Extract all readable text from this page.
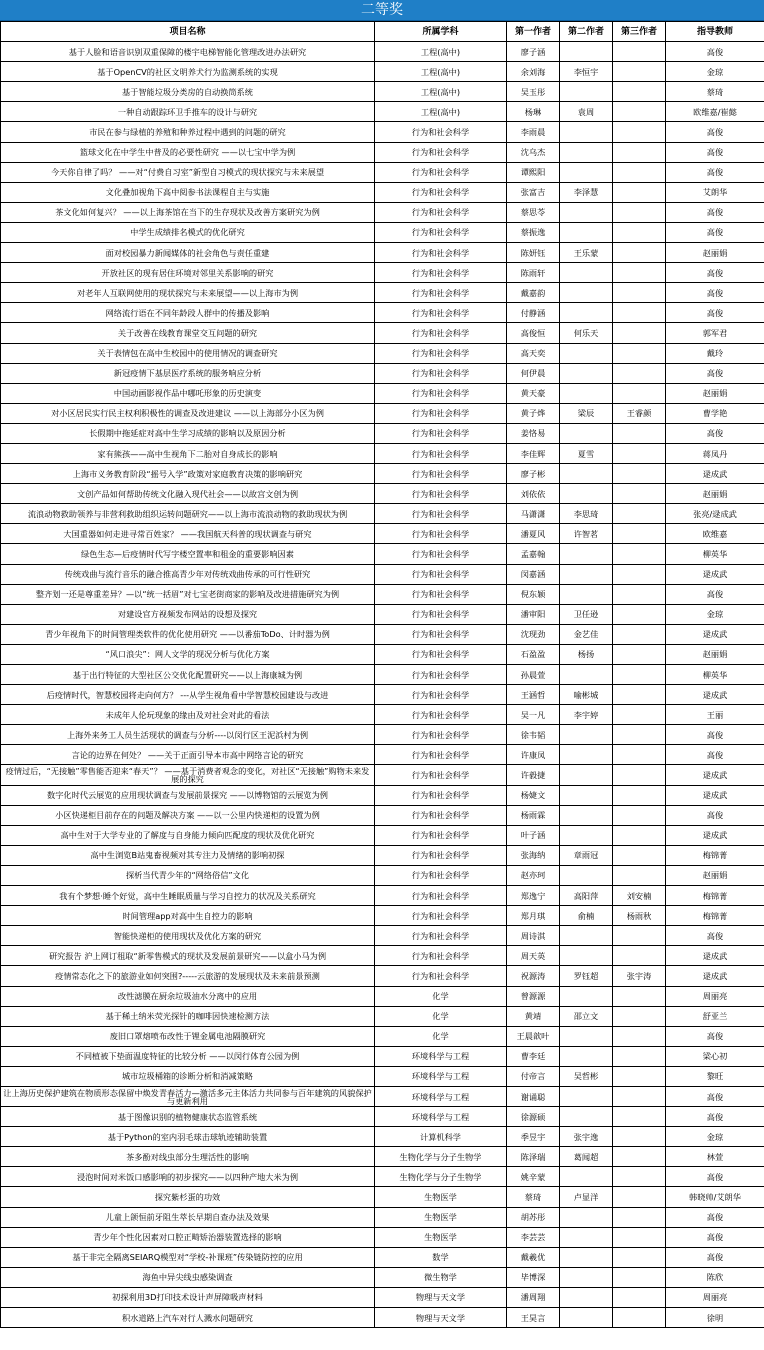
二等奖
项目名称	所属学科	第一作者	第二作者	第三作者	指导教师
基于人脸和语音识别双重保障的楼宇电梯智能化管理改进办法研究	工程(高中)	廖子涵			高俊
基于OpenCV的社区文明养犬行为监测系统的实现	工程(高中)	余刘海	李恒宇		金琼
基于智能垃圾分类房的自动换筒系统	工程(高中)	吴玉彤			蔡琦
一种自动跟踪环卫手推车的设计与研究	工程(高中)	杨琳	袁周		欧维嘉/崔懿
市民在参与绿植的养殖和种养过程中遇到的问题的研究	行为和社会科学	李雨晨			高俊
篮球文化在中学生中普及的必要性研究 ——以七宝中学为例	行为和社会科学	沈乌杰			高俊
今天你自律了吗？ ——对“付费自习室”新型自习模式的现状探究与未来展望	行为和社会科学	谭熙阳			高俊
文化叠加视角下高中阅参书法课程自主与实施	行为和社会科学	张富吉	李泽慧		艾朗华
茶文化如何复兴？ ——以上海茶馆在当下的生存现状及改善方案研究为例	行为和社会科学	蔡思苓			高俊
中学生成绩排名模式的优化研究	行为和社会科学	蔡振逸			高俊
面对校园暴力新闻媒体的社会角色与责任重建	行为和社会科学	陈妍钰	王乐蒙		赵丽娟
开放社区的现有居住环境对邻里关系影响的研究	行为和社会科学	陈雨轩			高俊
对老年人互联网使用的现状探究与未来展望——以上海市为例	行为和社会科学	戴嘉韵			高俊
网络流行语在不同年龄段人群中的传播及影响	行为和社会科学	付静涵			高俊
关于改善在线教育课堂交互问题的研究	行为和社会科学	高俊恒	何乐天		郭军君
关于表情包在高中生校园中的使用情况的调查研究	行为和社会科学	高天奕			戴玲
新冠疫情下基层医疗系统的服务响应分析	行为和社会科学	何伊晨			高俊
中国动画影视作品中哪吒形象的历史演变	行为和社会科学	黄天豪			赵丽娟
对小区居民实行民主权利积极性的调查及改进建议 ——以上海部分小区为例	行为和社会科学	黄子烨	梁辰	王睿颜	曹学艳
长假期中拖延症对高中生学习成绩的影响以及原因分析	行为和社会科学	姜恪易			高俊
家有熊孩——高中生视角下二胎对自身成长的影响	行为和社会科学	李佳辉	夏雪		蒋凤丹
上海市义务教育阶段“摇号入学”政策对家庭教育决策的影响研究	行为和社会科学	廖子彬			逯成武
文创产品如何帮助传统文化融入现代社会——以故宫文创为例	行为和社会科学	刘依依			赵丽娟
流浪动物救助领养与非营利救助组织运转问题研究——以上海市流浪动物的救助现状为例	行为和社会科学	马潇潇	李思琦		张亮/逯成武
大国重器如何走进寻常百姓家？ ——我国航天科普的现状调查与研究	行为和社会科学	潘夏风	许智茗		欧维嘉
绿色生态—后疫情时代写字楼空置率和租金的重要影响因素	行为和社会科学	孟嘉翰			柳英华
传统戏曲与流行音乐的融合推高青少年对传统戏曲传承的可行性研究	行为和社会科学	闵嘉涵			逯成武
整齐划一还是尊重差异？—以“统一括眉”对七宝老街商家的影响及改进措施研究为例	行为和社会科学	倪东颖			高俊
对建设官方视频发布网站的设想及探究	行为和社会科学	潘审阳	卫任逊		金琼
青少年视角下的时间管理类软件的优化使用研究 ——以番茄ToDo、计时器为例	行为和社会科学	沈现劲	金艺佳		逯成武
“风口浪尖”：网人文学的现况分析与优化方案	行为和社会科学	石盈盈	杨扬		赵丽娟
基于出行特征的大型社区公交优化配置研究——以上海康城为例	行为和社会科学	孙晨萱			柳英华
后疫情时代，智慧校园将走向何方？ ---从学生视角看中学智慧校园建设与改进	行为和社会科学	王涵哲	喻彬城		逯成武
未成年人伦玩现象的缘由及对社会对此的看法	行为和社会科学	吴一凡	李宇婷		王丽
上海外来务工人员生活现状的调查与分析----以闵行区王泥浜村为例	行为和社会科学	徐韦韬			高俊
言论的边界在何处？ ——关于正面引导本市高中网络言论的研究	行为和社会科学	许康凤			高俊
疫情过后，“无接触”零售能否迎来“春天”？ ——基于消费者观念的变化，对社区“无接触”购物未来发展的探究	行为和社会科学	许毅捷			逯成武
数字化时代云展览的应用现状调查与发展前景探究 ——以博物馆的云展览为例	行为和社会科学	杨婕文			逯成武
小区快递柜目前存在的问题及解决方案 ——以一公里内快递柜的设置为例	行为和社会科学	杨雨霖			高俊
高中生对于大学专业的了解度与自身能力倾向匹配度的现状及优化研究	行为和社会科学	叶子涵			逯成武
高中生浏览B站鬼畜视频对其专注力及情绪的影响初探	行为和社会科学	张海纳	章雨冠		梅锦菁
探析当代青少年的“网络俗信”文化	行为和社会科学	赵亦珂			赵丽娟
我有个梦想·睡个好觉，高中生睡眠质量与学习自控力的状况及关系研究	行为和社会科学	郑逸宁	高阳萍	刘安楠	梅锦菁
时间管理app对高中生自控力的影响	行为和社会科学	郑月琪	俞楠	杨雨秋	梅锦菁
智能快递柜的使用现状及优化方案的研究	行为和社会科学	周诗淇			高俊
研究报告 沪上网订租取“新零售模式的现状及发展前景研究——以盒小马为例	行为和社会科学	周天英			逯成武
疫情常态化之下的旅游业如何突围?-----云旅游的发展现状及未来前景预测	行为和社会科学	祝源涛	罗钰超	张宇涛	逯成武
改性滤膜在厨余垃圾油水分离中的应用	化学	曾源源			周丽亮
基于稀土纳米荧光探针的咖啡因快速检测方法	化学	黄靖	邵立文		舒亚兰
废旧口罩熔喷布改性于锂金属电池隔膜研究	化学	王晨歆叶			高俊
不同植被下垫面温度特征的比较分析 ——以闵行体育公园为例	环境科学与工程	曹李廷			梁心初
城市垃圾桶箱的诊断分析和消减策略	环境科学与工程	付帝言	吴哲彬		黎旺
让上海历史保护建筑在物质形态保留中焕发青春活力—激活多元主体活力共同参与百年建筑的风貌保护与更新利用	环境科学与工程	谢诵聪			高俊
基于图像识别的植物健康状态监管系统	环境科学与工程	徐源硕			高俊
基于Python的室内羽毛球击球轨迹辅助装置	计算机科学	季昱宇	张宇逸		金琼
茶多酚对线虫部分生理活性的影响	生物化学与分子生物学	陈泽瑞	葛闻超		林萱
浸泡时间对米饭口感影响的初步探究——以四种产地大米为例	生物化学与分子生物学	姚辛蒙			高俊
探究紫杉蛋的功效	生物医学	蔡琦	卢显洋		韩晓帅/艾朗华
儿童上颌恒前牙阻生萃长早期自查办法及效果	生物医学	胡苏彤			高俊
青少年个性化因素对口腔正畸矫治器装置选择的影响	生物医学	李芸芸			高俊
基于非完全隔离SEIARQ模型对“学校-补课班”传染链防控的应用	数学	戴羲优			高俊
海鱼中异尖线虫感染调查	微生物学	毕博深			陈欣
初探利用3D打印技术设计声屏障吸声材料	物理与天文学	潘周翔			周丽亮
积水道路上汽车对行人溅水问题研究	物理与天文学	王昊言			徐明
